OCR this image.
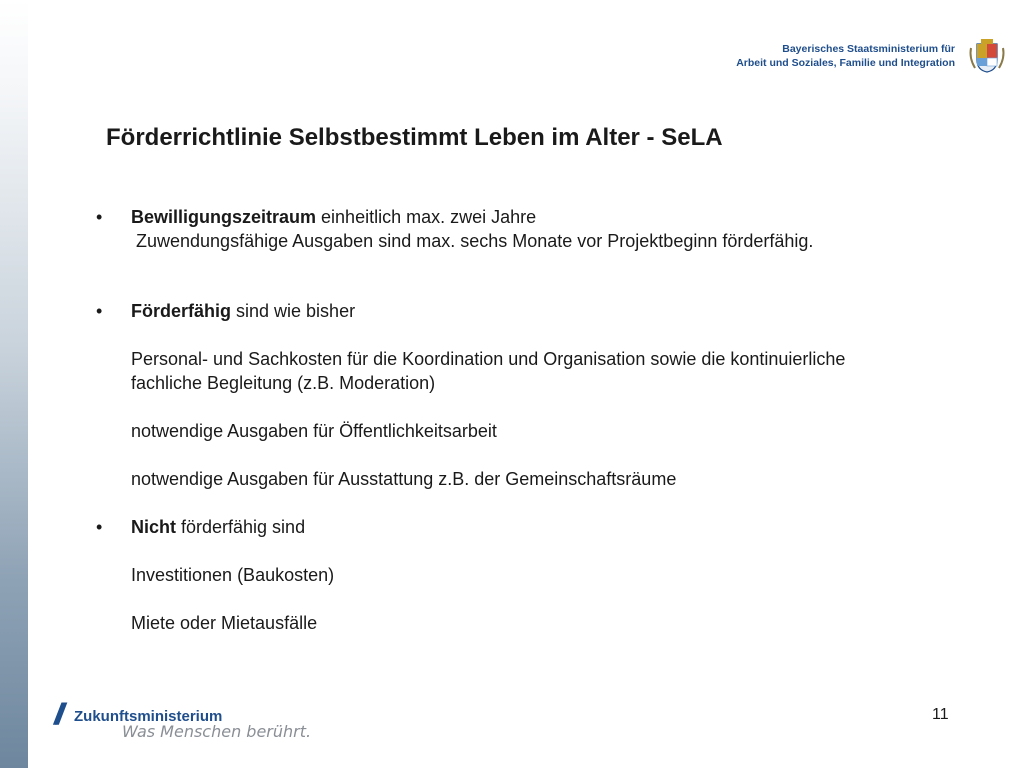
Bayerisches Staatsministerium für
Arbeit und Soziales, Familie und Integration
Förderrichtlinie Selbstbestimmt Leben im Alter - SeLA
•	Bewilligungszeitraum einheitlich max. zwei Jahre
Zuwendungsfähige Ausgaben sind max. sechs Monate vor Projektbeginn förderfähig.
•	Förderfähig sind wie bisher
Personal- und Sachkosten für die Koordination und Organisation sowie die kontinuierliche
fachliche Begleitung (z.B. Moderation)
notwendige Ausgaben für Öffentlichkeitsarbeit
notwendige Ausgaben für Ausstattung z.B. der Gemeinschaftsräume
•	Nicht förderfähig sind
Investitionen (Baukosten)
Miete oder Mietausfälle
// Zukunftsministerium
Was Menschen berührt.
11
